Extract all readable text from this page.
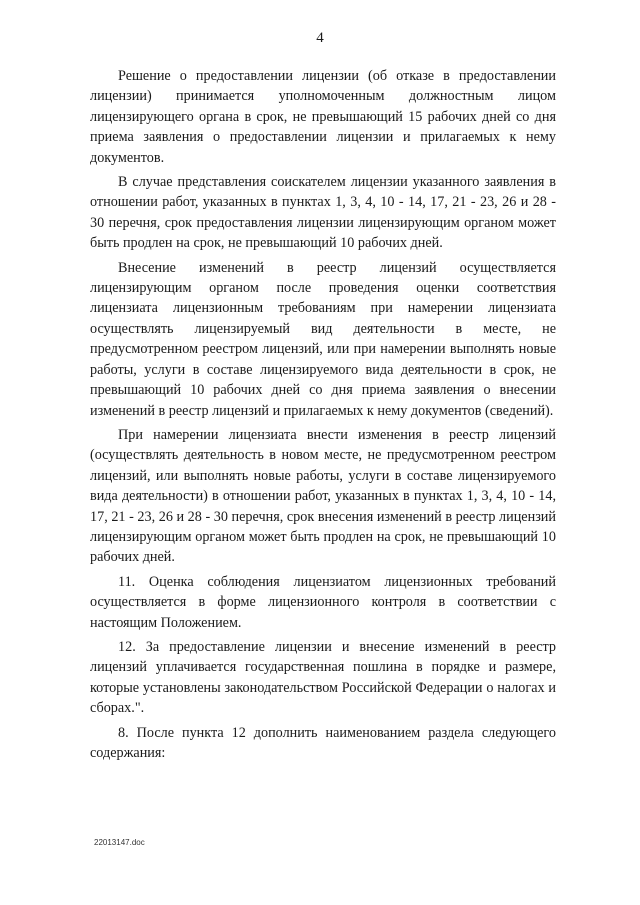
4

Решение о предоставлении лицензии (об отказе в предоставлении лицензии) принимается уполномоченным должностным лицом лицензирующего органа в срок, не превышающий 15 рабочих дней со дня приема заявления о предоставлении лицензии и прилагаемых к нему документов.

В случае представления соискателем лицензии указанного заявления в отношении работ, указанных в пунктах 1, 3, 4, 10 - 14, 17, 21 - 23, 26 и 28 - 30 перечня, срок предоставления лицензии лицензирующим органом может быть продлен на срок, не превышающий 10 рабочих дней.

Внесение изменений в реестр лицензий осуществляется лицензирующим органом после проведения оценки соответствия лицензиата лицензионным требованиям при намерении лицензиата осуществлять лицензируемый вид деятельности в месте, не предусмотренном реестром лицензий, или при намерении выполнять новые работы, услуги в составе лицензируемого вида деятельности в срок, не превышающий 10 рабочих дней со дня приема заявления о внесении изменений в реестр лицензий и прилагаемых к нему документов (сведений).

При намерении лицензиата внести изменения в реестр лицензий (осуществлять деятельность в новом месте, не предусмотренном реестром лицензий, или выполнять новые работы, услуги в составе лицензируемого вида деятельности) в отношении работ, указанных в пунктах 1, 3, 4, 10 - 14, 17, 21 - 23, 26 и 28 - 30 перечня, срок внесения изменений в реестр лицензий лицензирующим органом может быть продлен на срок, не превышающий 10 рабочих дней.

11. Оценка соблюдения лицензиатом лицензионных требований осуществляется в форме лицензионного контроля в соответствии с настоящим Положением.

12. За предоставление лицензии и внесение изменений в реестр лицензий уплачивается государственная пошлина в порядке и размере, которые установлены законодательством Российской Федерации о налогах и сборах.".

8. После пункта 12 дополнить наименованием раздела следующего содержания:

22013147.doc
